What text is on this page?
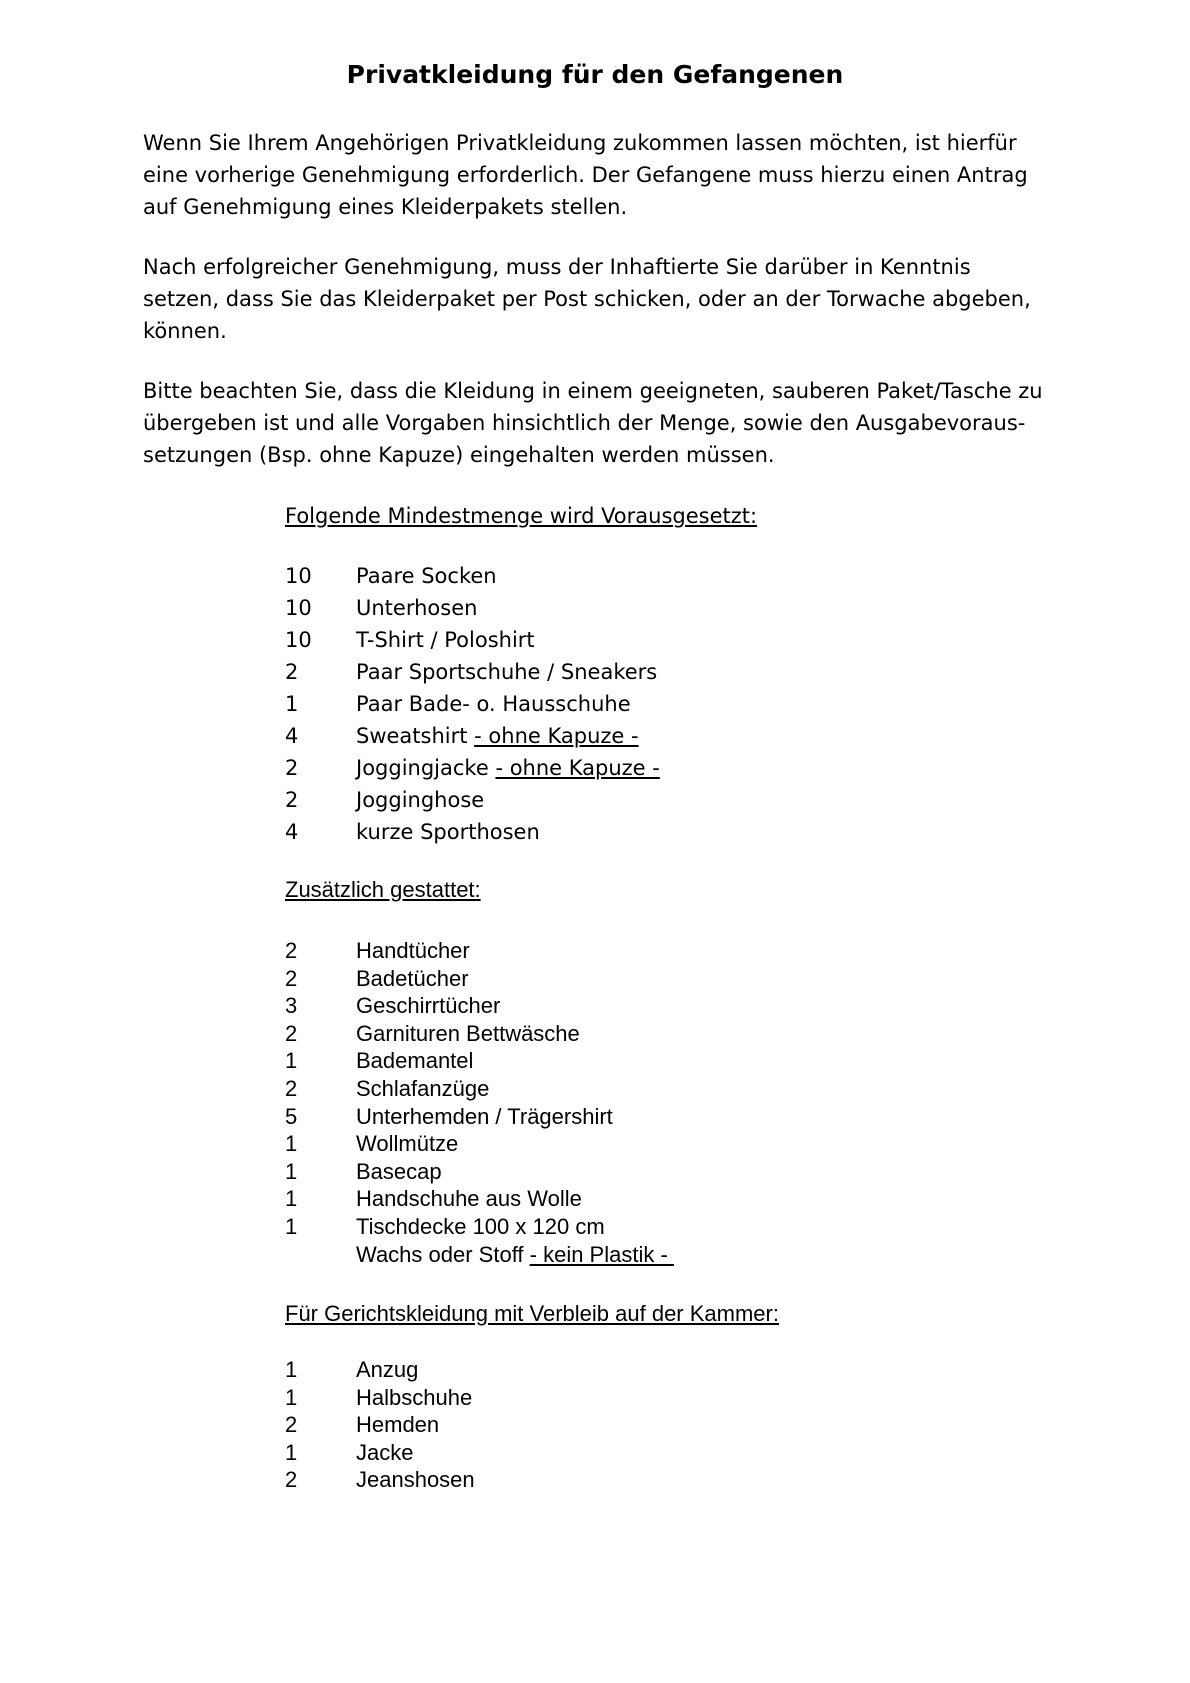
Privatkleidung für den Gefangenen

Wenn Sie Ihrem Angehörigen Privatkleidung zukommen lassen möchten, ist hierfür
eine vorherige Genehmigung erforderlich. Der Gefangene muss hierzu einen Antrag
auf Genehmigung eines Kleiderpakets stellen.

Nach erfolgreicher Genehmigung, muss der Inhaftierte Sie darüber in Kenntnis
setzen, dass Sie das Kleiderpaket per Post schicken, oder an der Torwache abgeben,
können.

Bitte beachten Sie, dass die Kleidung in einem geeigneten, sauberen Paket/Tasche zu
übergeben ist und alle Vorgaben hinsichtlich der Menge, sowie den Ausgabevoraus-
setzungen (Bsp. ohne Kapuze) eingehalten werden müssen.

Folgende Mindestmenge wird Vorausgesetzt:
10	Paare Socken
10	Unterhosen
10	T-Shirt / Poloshirt
2	Paar Sportschuhe / Sneakers
1	Paar Bade- o. Hausschuhe
4	Sweatshirt - ohne Kapuze -
2	Joggingjacke - ohne Kapuze -
2	Jogginghose
4	kurze Sporthosen
Zusätzlich gestattet:
2	Handtücher
2	Badetücher
3	Geschirrtücher
2	Garnituren Bettwäsche
1	Bademantel
2	Schlafanzüge
5	Unterhemden / Trägershirt
1	Wollmütze
1	Basecap
1	Handschuhe aus Wolle
1	Tischdecke 100 x 120 cm
Wachs oder Stoff - kein Plastik -
Für Gerichtskleidung mit Verbleib auf der Kammer:
1	Anzug
1	Halbschuhe
2	Hemden
1	Jacke
2	Jeanshosen
